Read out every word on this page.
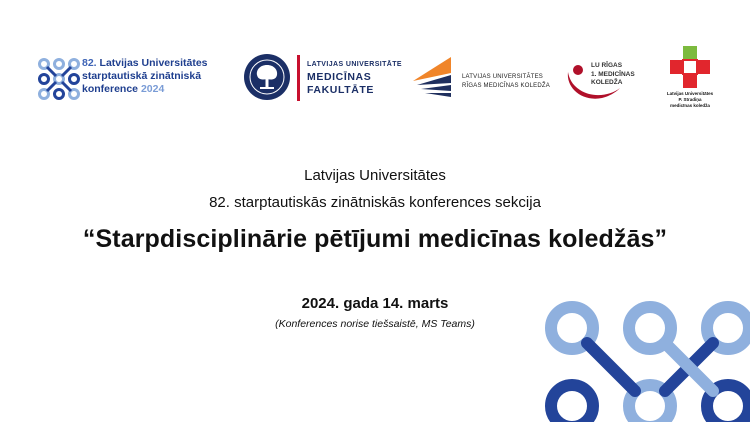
82. Latvijas Universitātes
starptautiskā zinātniskā
konference 2024
LATVIJAS UNIVERSITĀTE
MEDICĪNAS
FAKULTĀTE
LATVIJAS UNIVERSITĀTES
RĪGAS MEDICĪNAS KOLEDŽA
LU RĪGAS
1. MEDICĪNAS
KOLEDŽA
Latvijas Universitātes
P. Stradiņa
medicīnas koledža
Latvijas Universitātes
82. starptautiskās zinātniskās konferences sekcija
“Starpdisciplinārie pētījumi medicīnas koledžās”
2024. gada 14. marts
(Konferences norise tiešsaistē, MS Teams)
